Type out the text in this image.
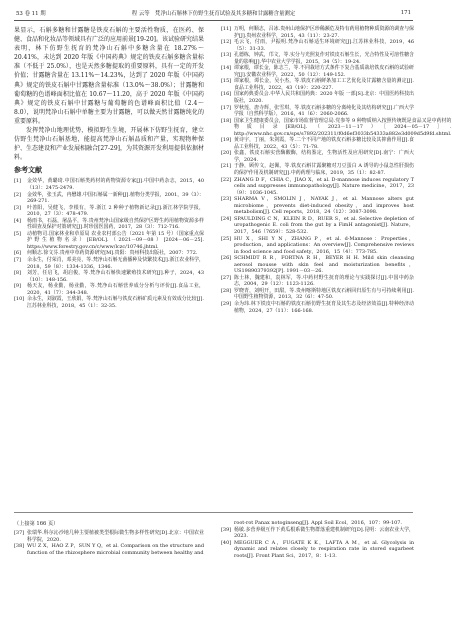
53 卷 11 期	程 云等　梵净山石斛林下仿野生抚育试验及其多糖和甘露糖含量测定	171

果显示，石斛多糖和甘露糖是铁皮石斛的主要活性物质，在医药、保健、食品和化妆品等领域具有广泛的应用前景[19-20]。该试验研究结果表明，林下仿野生抚育的梵净山石斛中多糖含量在 18.27%～20.41%，未达到 2020 年版《中国药典》规定的铁皮石斛多糖含量标准（不低于 25.0%），也是天然多糖提取的重要原料，具有一定的开发价值；甘露糖含量在 13.11%～14.23%，达到了 2020 年版《中国药典》规定的铁皮石斛中甘露糖含量标准（13.0%～38.0%）；甘露糖和葡萄糖的色谱峰面积比值在 10.67～11.20，高于 2020 年版《中国药典》规定的铁皮石斛中甘露糖与葡萄糖的色谱峰面积比值（2.4～8.0），说明梵净山石斛中单糖主要为甘露糖，可以做天然甘露糖纯化的重要原料。

发挥梵净山地理优势，模拟野生生境，开展林下仿野生抚育，建立仿野生梵净山石斛基地，能提高梵净山石斛品质和产量，实现物种保护、生态建设和产业发展相融合[27-29]，为其资源开发利用提供依据材料。

参考文献
[1]	金效华，黄璐琦.中国石斛类药材的药物资源专家[J].中国中药杂志，2015，40（13）：2475-2479.
[2]	金效华，张玉武，冉懋雄.中国石斛属一新种[J].植物分类学报，2001，39（3）：269-271.
[3]	叶善阳，吴健飞，李根有，等.浙江 2 种种子植物新记录[J].浙江林学院学报，2010，27（3）：478-479.
[4]	杨雨书，石磊，屠晶平，等.贵州梵净山国家级自然保护区野生药用植物资源多样性调查及保护对策研究[J].时珍国医国药，2017，28（3）：712-716.
[5]	动植物司.国家林业和草原局 农业农村部公告（2021 年第 15 号）（国家重点保护野生植物名录）[EB/OL].（2021－09－08）[2024－06－25]. https://www.forestry.gov.cn/c/www/lczc/10746.jhtml.
[6]	何顺志.徐文芬.贵州中草药资源研究[M].贵阳：贵州科技出版社，2007：772.
[7]	余永生，付荣肖，邓美亮，等.梵净山石斛无菌播种及快繁技术[J].浙江农业科学，2018，59（8）：1334-1336，1346.
[8]	刘芳，任启飞，胡启俊，等.梵净山石斛快速繁殖技术研究[J].种子，2024，43（10）：148-156.
[9]	杨天友，杨业勤，杨业勤，等.梵净山石斛营养成分分析与评价[J].食品工业，2020，41（7）：344-348.
[10] 余永生，刘淑霞，王欣娟，等.梵净山石斛与铁皮石斛矿质元素及有效成分比较[J].江苏林业科技，2018，45（1）：32-35.
[11] 万明，何顺志，吕冰.贵州山地保护区珍稀濒危及特有药用植物种质资源的调查与保护[J].贵州农业科学，2015，43（11）：23-27.
[12] 毛云飞，付雨，尹振明.梵净山石斛适生环境研究[J].江苏林业科技，2019，46（5）：31-33.
[13] 孔德栋，钟武，邝文，等.实分与光照复作对铁皮石斛生长，光合特性及可溶性糖含量的影响[J].华中农业大学学报，2015，34（5）：19-24.
[14] 谭家根，谭长金，陈志兰，等.不同栽培方式条件下复合基质栽培铁皮石斛的试验研究[J].安徽农业科学，2022，50（12）：149-152.
[15] 谭家根，谭长金，吴小杰，等.铁皮石斛鲜条加工工艺优化及甘露糖含量的测定[J].食品工业科技，2022，43（19）：220-227.
[16] 国家药典委员会.中华人民共和国药典：2020 年版 一部[S].北京：中国医药科技出版社，2020.
[17] 罗秋莲，唐寺辉，张雪琪，等.铁皮石斛多糖的分离纯化及其结构研究[J].广西大学学报（自然科学版），2016，41（6）：2060-2066.
[18] 国家卫生健康委员会，国家市场监督管理总局.党参等 9 种物质纳入按照传统既是食品又是中药材的物质目录[EB/OL].（2023－11－17）［2024－05－17］. http://www.nhc.gov.cn/sps/s7892/202311/f0d6ef3033b54333a882e3d009d5d9fd.shtml.
[19] 黄诗宇，丁丽，朱剑霞，等.二个不同产地的铁皮石斛多糖比较及其抑菌作用[J].食品工业科技，2022，43（5）：71-78.
[20] 张鑫，铁皮石斛实营酶酸酶，结构鉴定，生物活性及应用研究[D].南宁：广西大学，2024.
[21] 于静，顾传文，赵佩，等.铁皮石斛甘露聚糖对刀豆蛋白 A 诱导的小鼠急性肝损伤的保护作用及机制研究[J].中药药理与临床，2019，35（1）：82-87.
[22] ZHANG D F，CHIA C，JIAO X，et al. D-mannose induces regulatory T cells and suppresses immunopathology[J]. Nature medicine，2017，23（9）：1036-1045.
[23] SHARMA V，SMOLIN J，NAYAK J，et al. Mannose alters gut microbiome，prevents diet-induced obesity，and improves host metabolism[J]. Cell reports，2018，24（12）：3087-3098.
[24] SPAULDING C N，KLEIN R D，RUER S，et al. Selective depletion of uropathogenic E. coli from the gut by a FimH antagonist[J]. Nature，2017，546（7659）：528-532.
[25] HU X，SHI Y N，ZHANG P，et al. d-Mannose：Properties，production，and applications：An overview[J]. Comprehensive reviews in food science and food safety，2016，15（4）：773-785.
[26] SCHMIDT R R，FORTNA R H，BEYER H H. Mild skin cleansing aerosol mousse with skin feel and moisturization benefits，US19890379392[P]. 1991－03－26.
[27] 陈士林，魏建和，袁林军，等.中药材野生抚育的理论与实践探讨[J].中国中药杂志，2004，29（12）：1123-1126.
[28] 罗晓青，刘明开，田甜，等.贵州喀斯特地区铁皮石斛回归原生有与可持续利用[J].中国野生植物资源，2013，32（6）：47-50.
[29] 余为玮.林下铁皮中石斛的铁皮石斛仿野生抚育及其生态及经济效益[J].特种经济动植物，2024，27（11）：166-168.
（上接第 166 页）
[37] 张瑞华.科尔沁沙地几种主要植被类型根际微生物多样性研究[D].北京：中国农业科学院，2020.
[38] WU Z X，HAO Z P，SUN Y Q，et al. Comparison on the structure and function of the rhizosphere microbial community between healthy and
root-rot Panax notoginseng[J]. Appl Soil Ecol，2016，107：99-107.
[39] 杨敏.多营养级互作下黄瓜根系微生物群落重建机制研究[D].昆明：云南农业大学，2023.
[40] MEGGUER C A，FUGATE K K，LAFTA A M，et al. Glycolysis in dynamic and relates closely to respiration rate in stored sugarbeet roots[J]. Front Plant Sci，2017，8：1-13.
